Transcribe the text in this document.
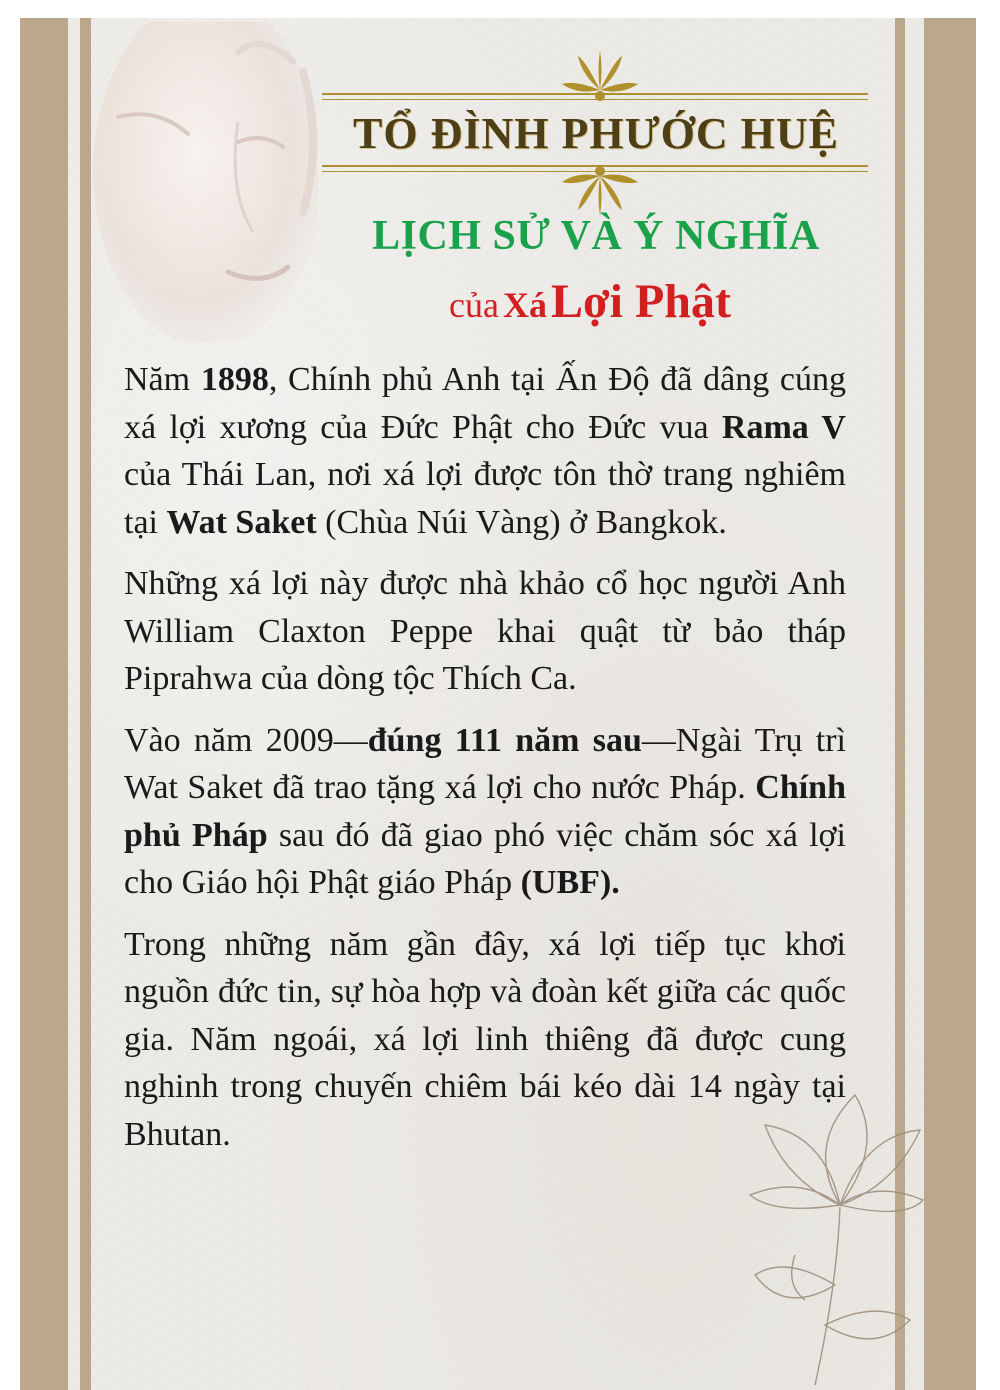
TỔ ĐÌNH PHƯỚC HUỆ
LỊCH SỬ VÀ Ý NGHĨA
của Xá Lợi Phật

Năm 1898, Chính phủ Anh tại Ấn Độ đã dâng cúng xá lợi xương của Đức Phật cho Đức vua Rama V của Thái Lan, nơi xá lợi được tôn thờ trang nghiêm tại Wat Saket (Chùa Núi Vàng) ở Bangkok.

Những xá lợi này được nhà khảo cổ học người Anh William Claxton Peppe khai quật từ bảo tháp Piprahwa của dòng tộc Thích Ca.

Vào năm 2009—đúng 111 năm sau—Ngài Trụ trì Wat Saket đã trao tặng xá lợi cho nước Pháp. Chính phủ Pháp sau đó đã giao phó việc chăm sóc xá lợi cho Giáo hội Phật giáo Pháp (UBF).

Trong những năm gần đây, xá lợi tiếp tục khơi nguồn đức tin, sự hòa hợp và đoàn kết giữa các quốc gia. Năm ngoái, xá lợi linh thiêng đã được cung nghinh trong chuyến chiêm bái kéo dài 14 ngày tại Bhutan.
